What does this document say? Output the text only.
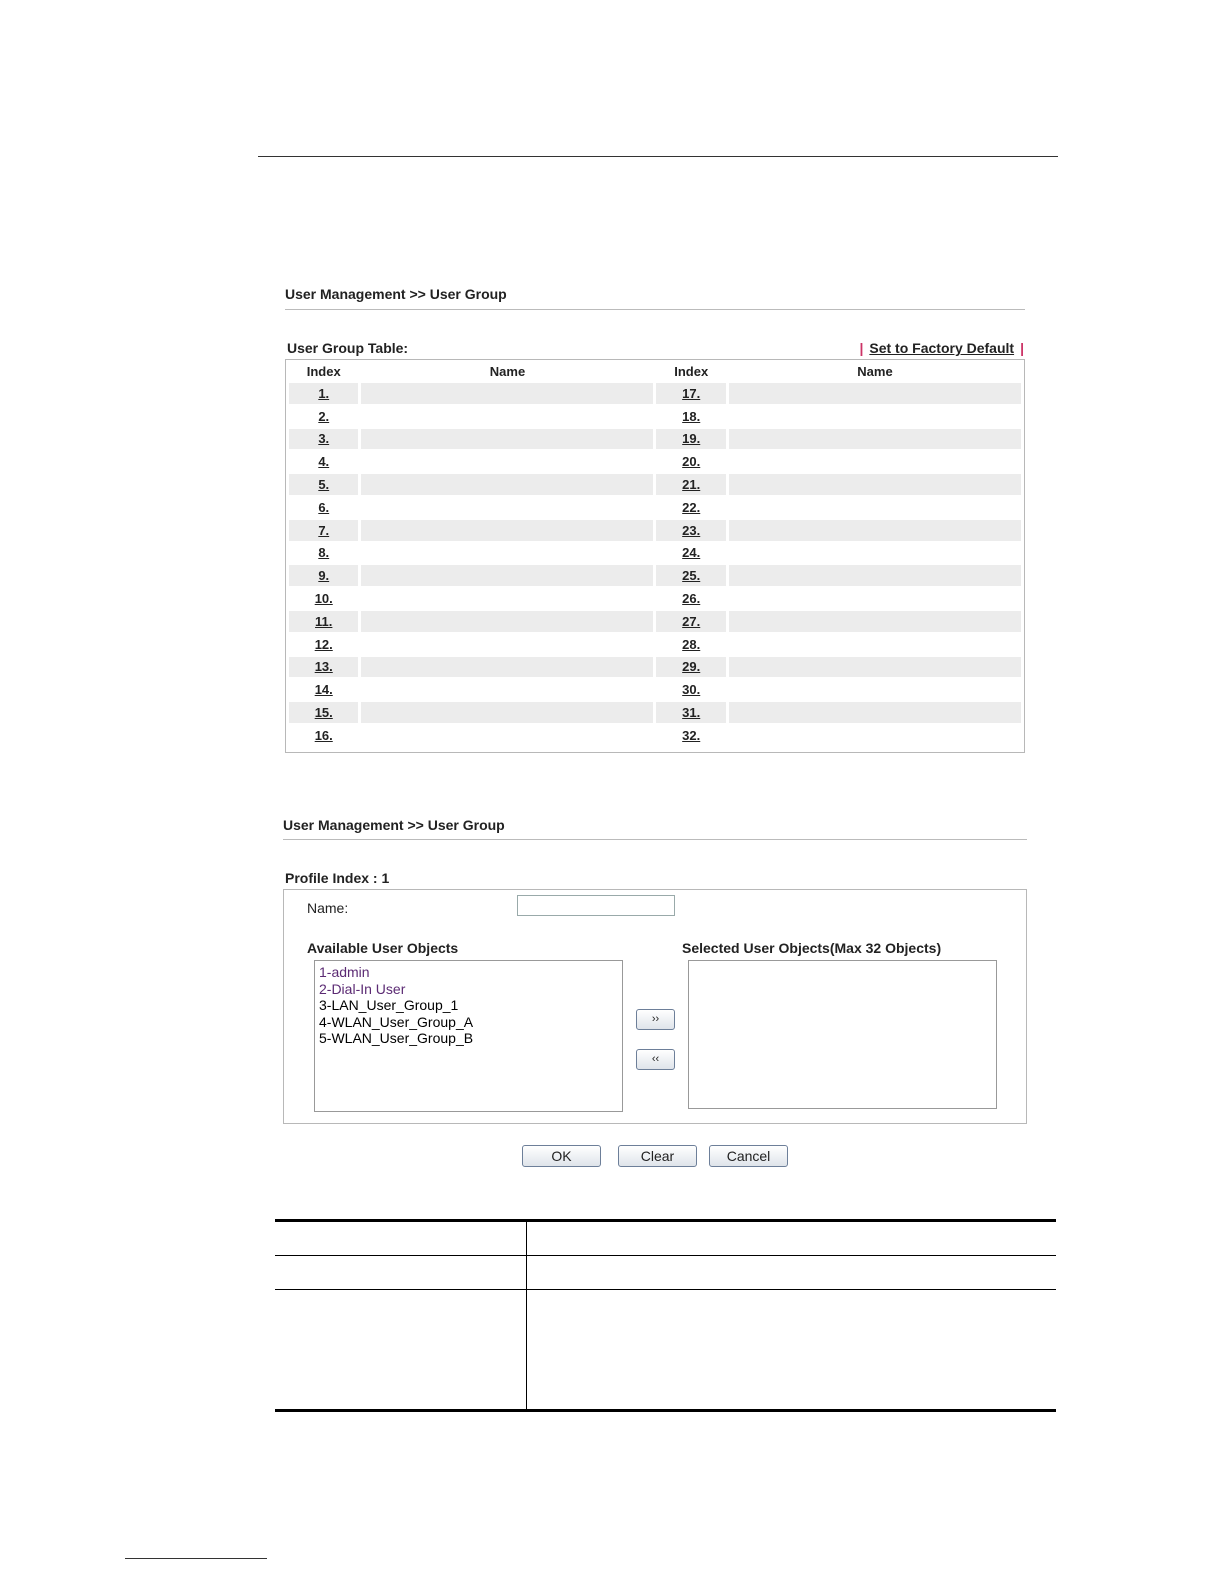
User Management >> User Group
User Group Table:	| Set to Factory Default |
Index	Name	Index	Name
1.		17.	
2.		18.	
3.		19.	
4.		20.	
5.		21.	
6.		22.	
7.		23.	
8.		24.	
9.		25.	
10.		26.	
11.		27.	
12.		28.	
13.		29.	
14.		30.	
15.		31.	
16.		32.	
User Management >> User Group
Profile Index : 1
Name:
Available User Objects	Selected User Objects(Max 32 Objects)
1-admin
2-Dial-In User
3-LAN_User_Group_1
4-WLAN_User_Group_A
5-WLAN_User_Group_B
››
‹‹
OK	Clear	Cancel
